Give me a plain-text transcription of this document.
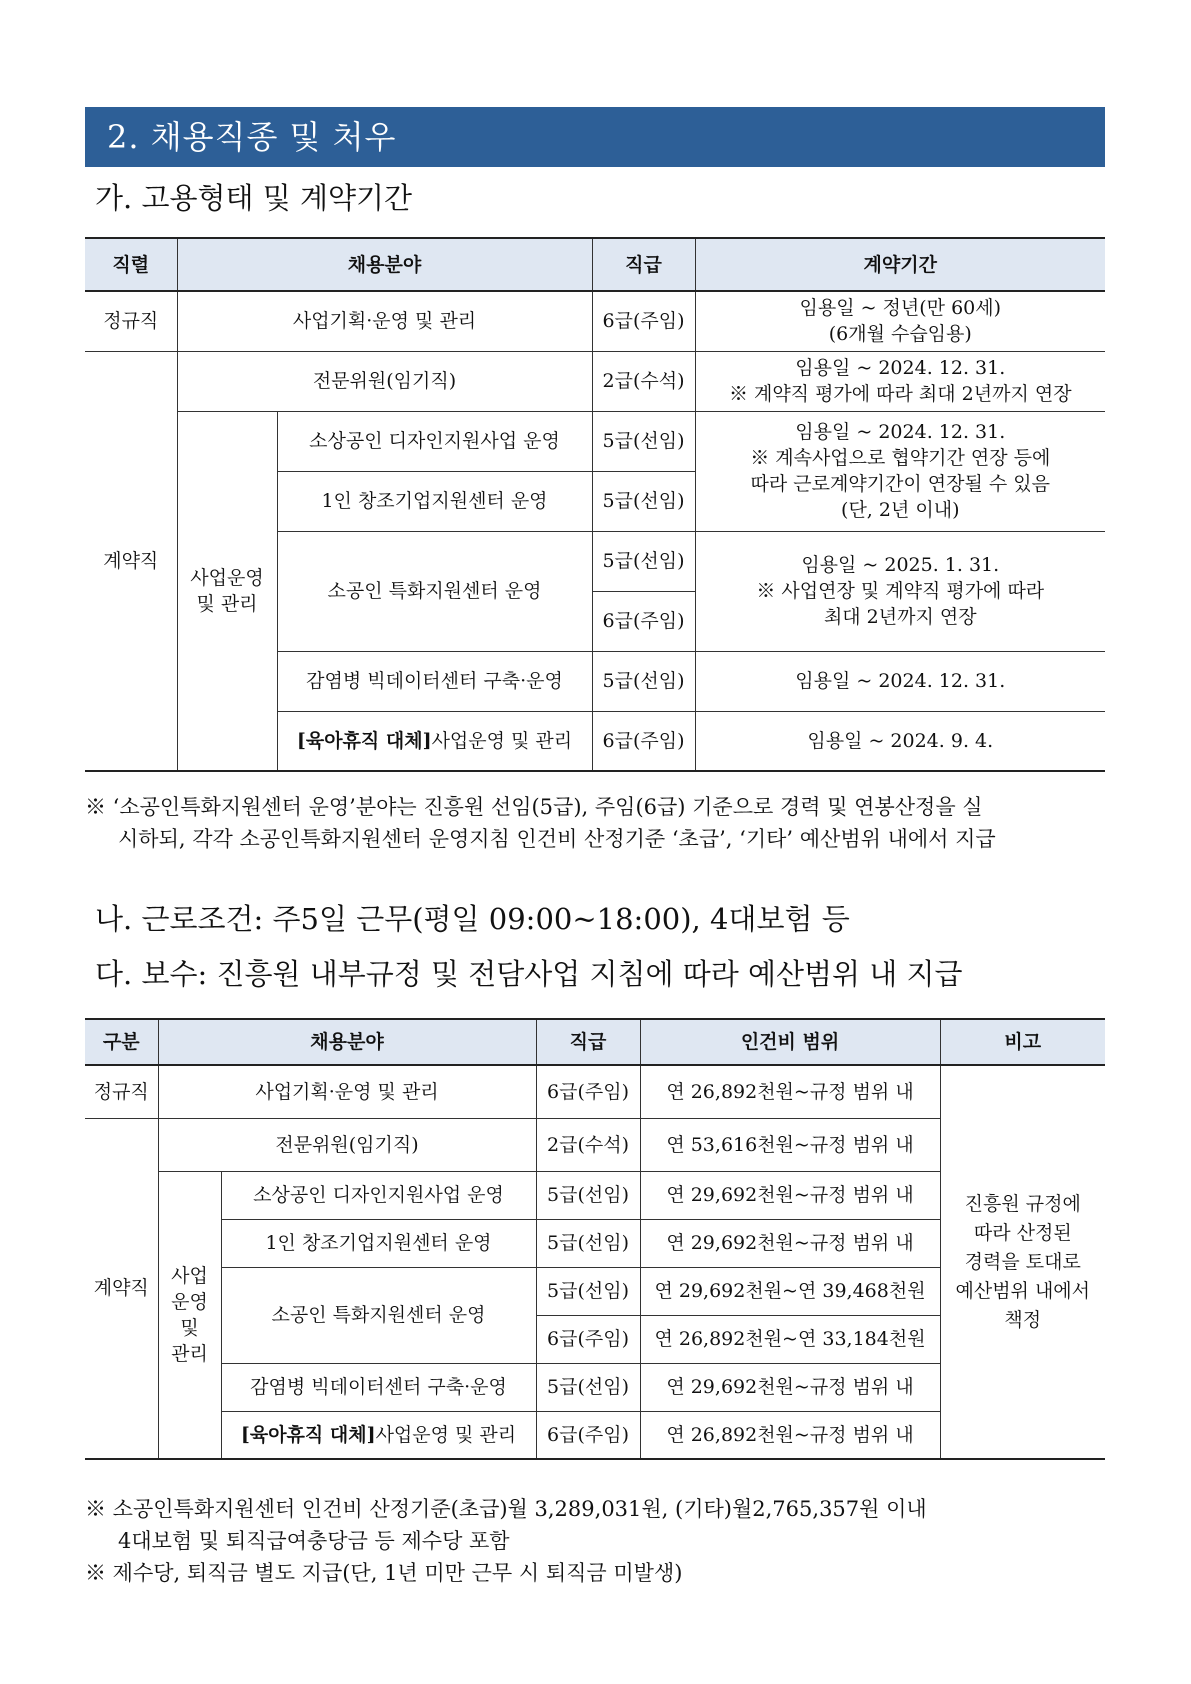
2. 채용직종 및 처우
가. 고용형태 및 계약기간
직렬	채용분야		직급	계약기간
정규직	사업기획·운영 및 관리		6급(주임)	임용일 ~ 정년(만 60세)
(6개월 수습임용)
계약직	전문위원(임기직)		2급(수석)	임용일 ~ 2024. 12. 31.
※ 계약직 평가에 따라 최대 2년까지 연장
	사업운영
및 관리	소상공인 디자인지원사업 운영	5급(선임)	임용일 ~ 2024. 12. 31.
※ 계속사업으로 협약기간 연장 등에
따라 근로계약기간이 연장될 수 있음
(단, 2년 이내)
		1인 창조기업지원센터 운영	5급(선임)	
		소공인 특화지원센터 운영	5급(선임)	임용일 ~ 2025. 1. 31.
※ 사업연장 및 계약직 평가에 따라
최대 2년까지 연장
			6급(주임)	
		감염병 빅데이터센터 구축·운영	5급(선임)	임용일 ~ 2024. 12. 31.
		[육아휴직 대체]사업운영 및 관리	6급(주임)	임용일 ~ 2024. 9. 4.
※ ‘소공인특화지원센터 운영’분야는 진흥원 선임(5급), 주임(6급) 기준으로 경력 및 연봉산정을 실
시하되, 각각 소공인특화지원센터 운영지침 인건비 산정기준 ‘초급’, ‘기타’ 예산범위 내에서 지급
나. 근로조건: 주5일 근무(평일 09:00~18:00), 4대보험 등
다. 보수: 진흥원 내부규정 및 전담사업 지침에 따라 예산범위 내 지급
구분	채용분야		직급	인건비 범위	비고
정규직	사업기획·운영 및 관리		6급(주임)	연 26,892천원~규정 범위 내	진흥원 규정에
따라 산정된
경력을 토대로
예산범위 내에서
책정
계약직	전문위원(임기직)		2급(수석)	연 53,616천원~규정 범위 내	
	사업
운영
및
관리	소상공인 디자인지원사업 운영	5급(선임)	연 29,692천원~규정 범위 내	
		1인 창조기업지원센터 운영	5급(선임)	연 29,692천원~규정 범위 내	
		소공인 특화지원센터 운영	5급(선임)	연 29,692천원~연 39,468천원	
			6급(주임)	연 26,892천원~연 33,184천원	
		감염병 빅데이터센터 구축·운영	5급(선임)	연 29,692천원~규정 범위 내	
		[육아휴직 대체]사업운영 및 관리	6급(주임)	연 26,892천원~규정 범위 내	
※ 소공인특화지원센터 인건비 산정기준(초급)월 3,289,031원, (기타)월2,765,357원 이내
4대보험 및 퇴직급여충당금 등 제수당 포함
※ 제수당, 퇴직금 별도 지급(단, 1년 미만 근무 시 퇴직금 미발생)
